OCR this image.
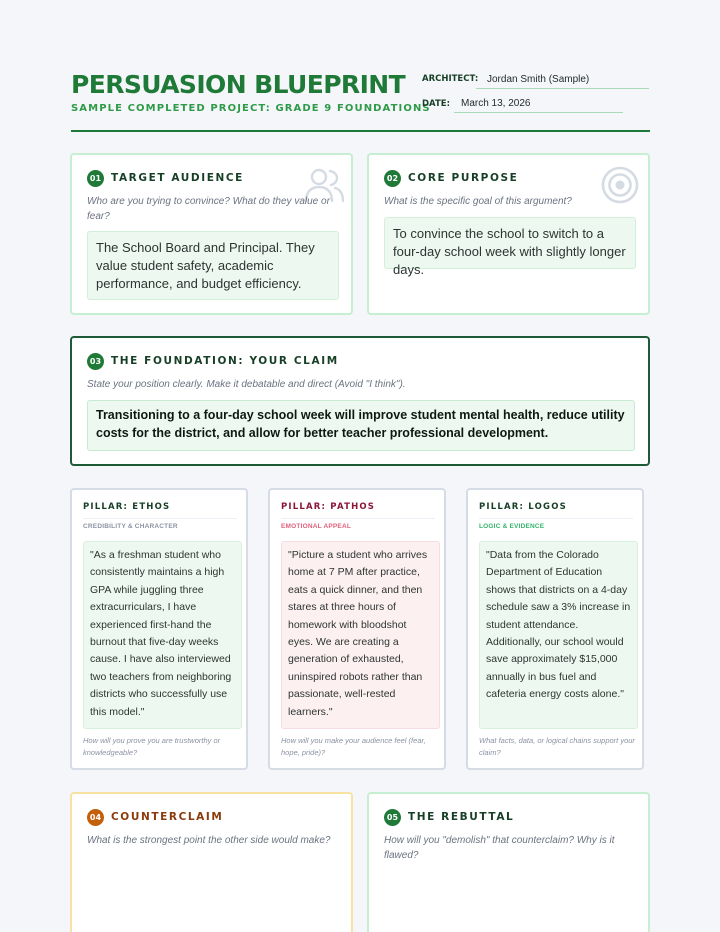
PERSUASION BLUEPRINT
SAMPLE COMPLETED PROJECT: GRADE 9 FOUNDATIONS
ARCHITECT: Jordan Smith (Sample)
DATE:	March 13, 2026
01 TARGET AUDIENCE
Who are you trying to convince? What do they value or fear?
The School Board and Principal. They value student safety, academic performance, and budget efficiency.
02 CORE PURPOSE
What is the specific goal of this argument?
To convince the school to switch to a four-day school week with slightly longer days.
03 THE FOUNDATION: YOUR CLAIM
State your position clearly. Make it debatable and direct (Avoid "I think").
Transitioning to a four-day school week will improve student mental health, reduce utility costs for the district, and allow for better teacher professional development.
PILLAR: ETHOS
CREDIBILITY & CHARACTER
"As a freshman student who consistently maintains a high GPA while juggling three extracurriculars, I have experienced first-hand the burnout that five-day weeks cause. I have also interviewed two teachers from neighboring districts who successfully use this model."
How will you prove you are trustworthy or knowledgeable?
PILLAR: PATHOS
EMOTIONAL APPEAL
"Picture a student who arrives home at 7 PM after practice, eats a quick dinner, and then stares at three hours of homework with bloodshot eyes. We are creating a generation of exhausted, uninspired robots rather than passionate, well-rested learners."
How will you make your audience feel (fear, hope, pride)?
PILLAR: LOGOS
LOGIC & EVIDENCE
"Data from the Colorado Department of Education shows that districts on a 4-day schedule saw a 3% increase in student attendance. Additionally, our school would save approximately $15,000 annually in bus fuel and cafeteria energy costs alone."
What facts, data, or logical chains support your claim?
04 COUNTERCLAIM
What is the strongest point the other side would make?
05 THE REBUTTAL
How will you "demolish" that counterclaim? Why is it flawed?
